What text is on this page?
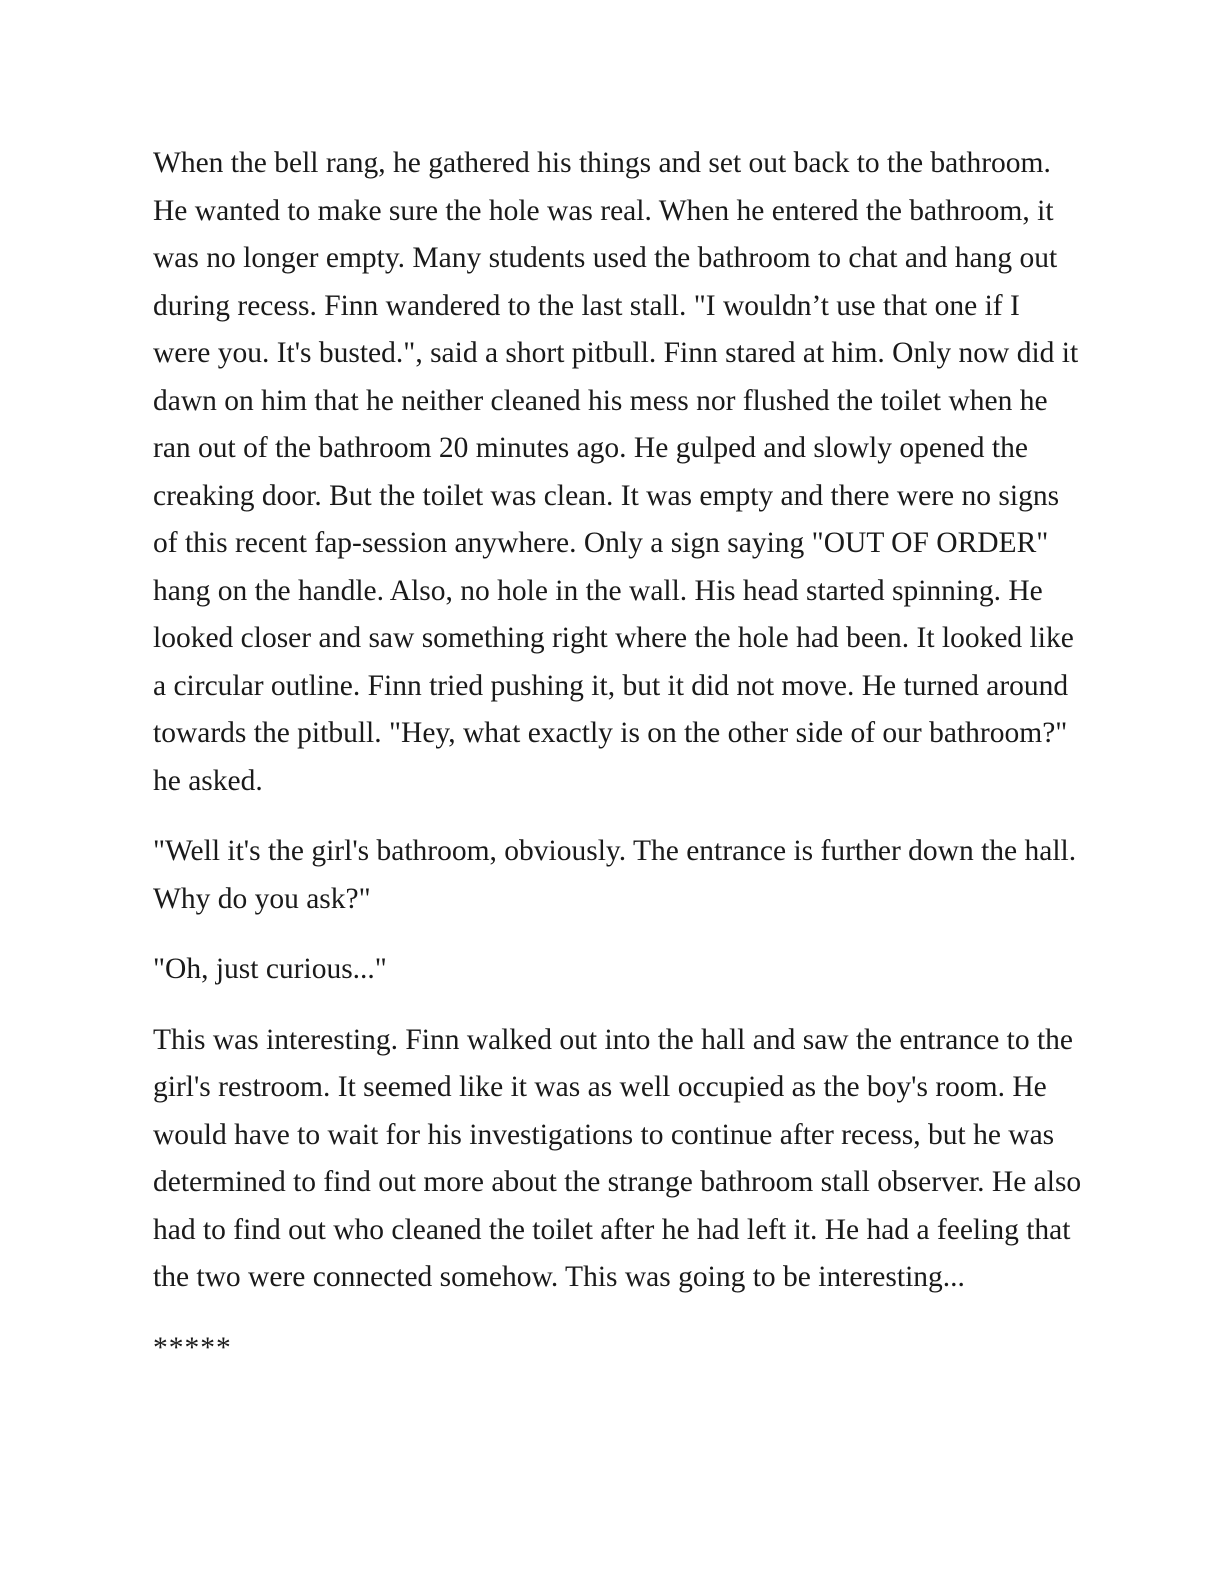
When the bell rang, he gathered his things and set out back to the bathroom. He wanted to make sure the hole was real. When he entered the bathroom, it was no longer empty. Many students used the bathroom to chat and hang out during recess. Finn wandered to the last stall. "I wouldn’t use that one if I were you. It's busted.", said a short pitbull. Finn stared at him. Only now did it dawn on him that he neither cleaned his mess nor flushed the toilet when he ran out of the bathroom 20 minutes ago. He gulped and slowly opened the creaking door. But the toilet was clean. It was empty and there were no signs of this recent fap-session anywhere. Only a sign saying "OUT OF ORDER" hang on the handle. Also, no hole in the wall. His head started spinning. He looked closer and saw something right where the hole had been. It looked like a circular outline. Finn tried pushing it, but it did not move. He turned around towards the pitbull. "Hey, what exactly is on the other side of our bathroom?" he asked.

"Well it's the girl's bathroom, obviously. The entrance is further down the hall. Why do you ask?"

"Oh, just curious..."

This was interesting. Finn walked out into the hall and saw the entrance to the girl's restroom. It seemed like it was as well occupied as the boy's room. He would have to wait for his investigations to continue after recess, but he was determined to find out more about the strange bathroom stall observer. He also had to find out who cleaned the toilet after he had left it. He had a feeling that the two were connected somehow. This was going to be interesting...

*****
